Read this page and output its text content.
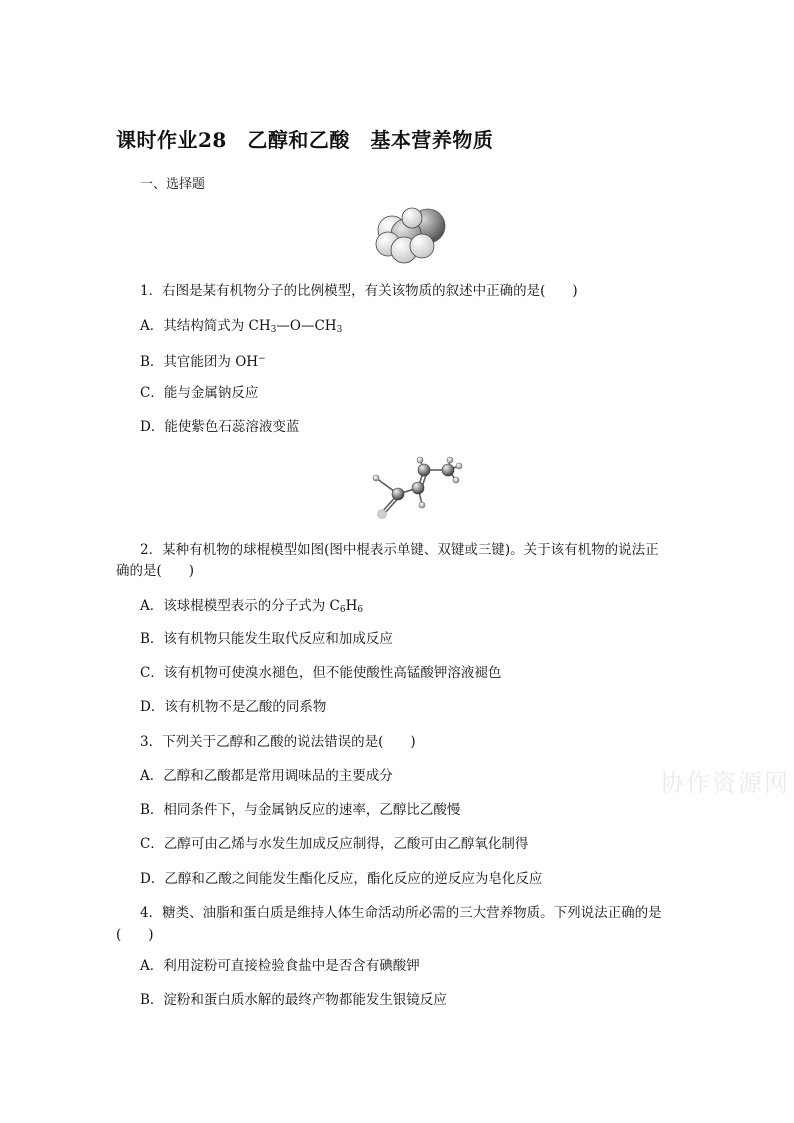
课时作业28　乙醇和乙酸　基本营养物质
一、选择题
1．右图是某有机物分子的比例模型，有关该物质的叙述中正确的是(　　)
A．其结构简式为 $CH_3—O—CH_3$
B．其官能团为 OH−
C．能与金属钠反应
D．能使紫色石蕊溶液变蓝
2．某种有机物的球棍模型如图(图中棍表示单键、双键或三键)。关于该有机物的说法正
确的是(　　)
A．该球棍模型表示的分子式为 $C_6H_6$
B．该有机物只能发生取代反应和加成反应
C．该有机物可使溴水褪色，但不能使酸性高锰酸钾溶液褪色
D．该有机物不是乙酸的同系物
3．下列关于乙醇和乙酸的说法错误的是(　　)
A．乙醇和乙酸都是常用调味品的主要成分
B．相同条件下，与金属钠反应的速率，乙醇比乙酸慢
C．乙醇可由乙烯与水发生加成反应制得，乙酸可由乙醇氧化制得
D．乙醇和乙酸之间能发生酯化反应，酯化反应的逆反应为皂化反应
4．糖类、油脂和蛋白质是维持人体生命活动所必需的三大营养物质。下列说法正确的是
(　　)
A．利用淀粉可直接检验食盐中是否含有碘酸钾
B．淀粉和蛋白质水解的最终产物都能发生银镜反应
协作资源网
